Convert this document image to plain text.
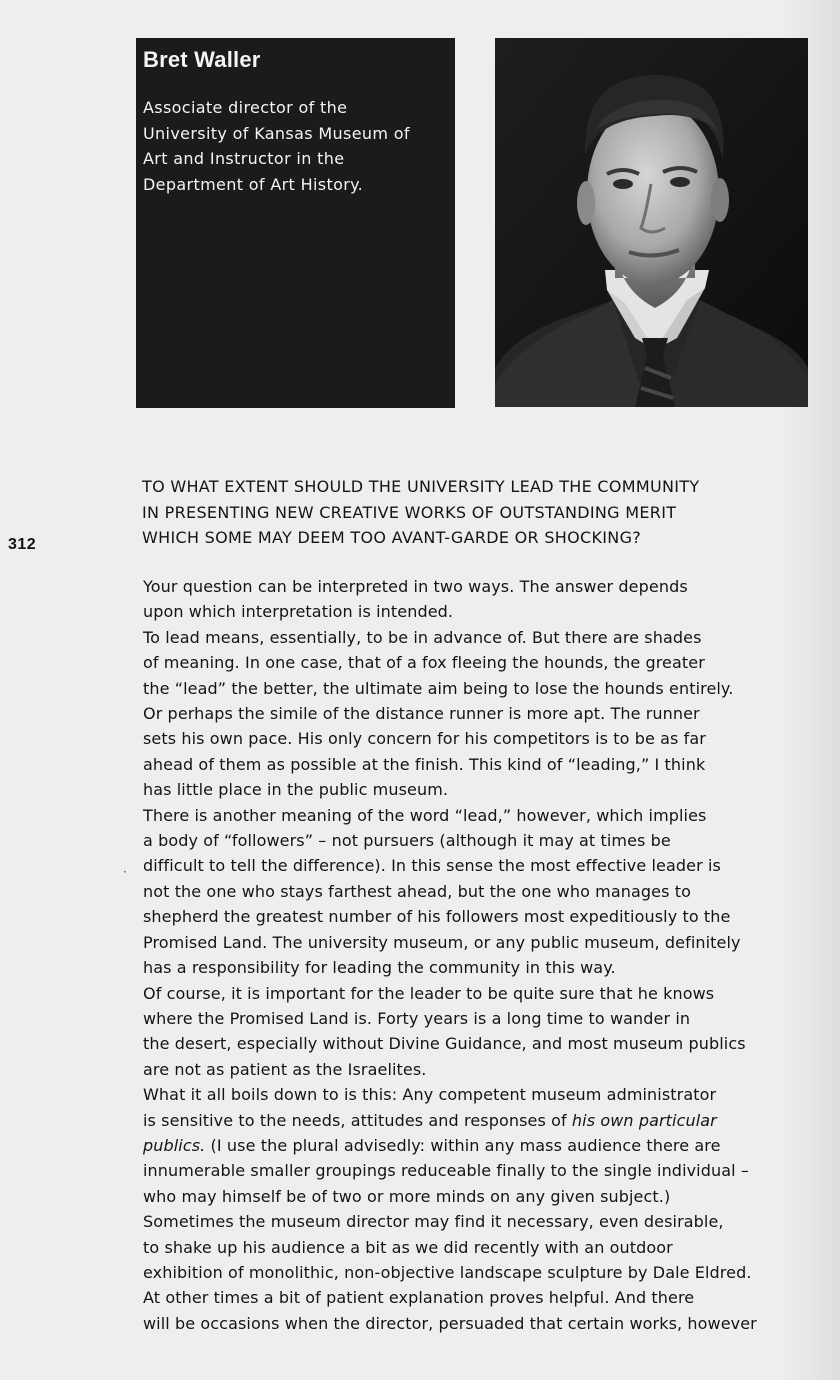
Bret Waller

Associate director of the
University of Kansas Museum of
Art and Instructor in the
Department of Art History.

312
·
TO WHAT EXTENT SHOULD THE UNIVERSITY LEAD THE COMMUNITY
IN PRESENTING NEW CREATIVE WORKS OF OUTSTANDING MERIT
WHICH SOME MAY DEEM TOO AVANT-GARDE OR SHOCKING?
Your question can be interpreted in two ways. The answer depends
upon which interpretation is intended.
To lead means, essentially, to be in advance of. But there are shades
of meaning. In one case, that of a fox fleeing the hounds, the greater
the “lead” the better, the ultimate aim being to lose the hounds entirely.
Or perhaps the simile of the distance runner is more apt. The runner
sets his own pace. His only concern for his competitors is to be as far
ahead of them as possible at the finish. This kind of “leading,” I think
has little place in the public museum.
There is another meaning of the word “lead,” however, which implies
a body of “followers” – not pursuers (although it may at times be
difficult to tell the difference). In this sense the most effective leader is
not the one who stays farthest ahead, but the one who manages to
shepherd the greatest number of his followers most expeditiously to the
Promised Land. The university museum, or any public museum, definitely
has a responsibility for leading the community in this way.
Of course, it is important for the leader to be quite sure that he knows
where the Promised Land is. Forty years is a long time to wander in
the desert, especially without Divine Guidance, and most museum publics
are not as patient as the Israelites.
What it all boils down to is this: Any competent museum administrator
is sensitive to the needs, attitudes and responses of his own particular
publics. (I use the plural advisedly: within any mass audience there are
innumerable smaller groupings reduceable finally to the single individual –
who may himself be of two or more minds on any given subject.)
Sometimes the museum director may find it necessary, even desirable,
to shake up his audience a bit as we did recently with an outdoor
exhibition of monolithic, non-objective landscape sculpture by Dale Eldred.
At other times a bit of patient explanation proves helpful. And there
will be occasions when the director, persuaded that certain works, however
